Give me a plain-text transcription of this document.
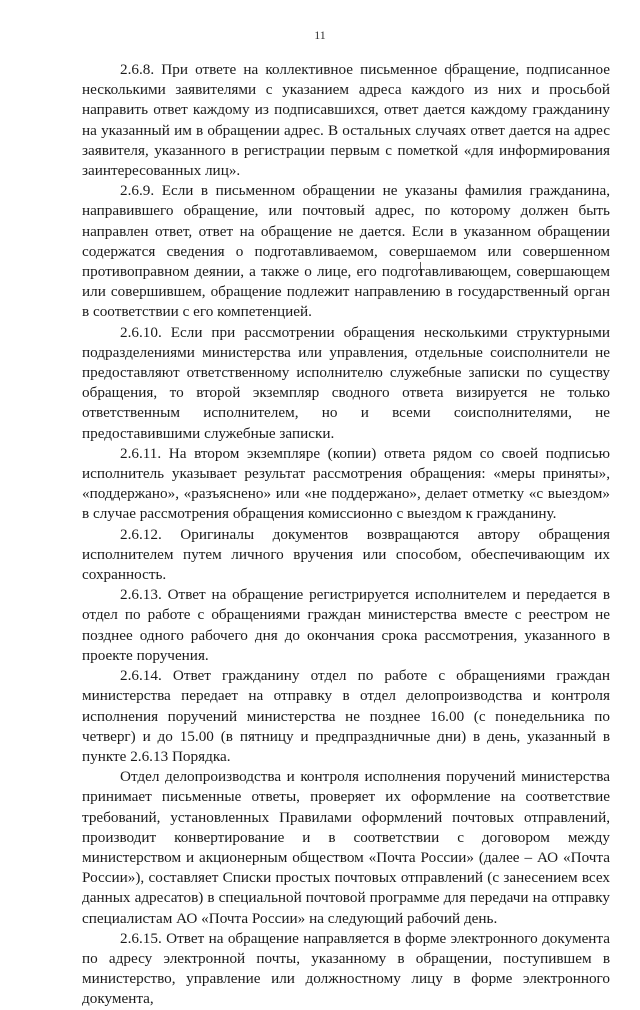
11

2.6.8. При ответе на коллективное письменное обращение, подписанное несколькими заявителями с указанием адреса каждого из них и просьбой направить ответ каждому из подписавшихся, ответ дается каждому гражданину на указанный им в обращении адрес. В остальных случаях ответ дается на адрес заявителя, указанного в регистрации первым с пометкой «для информирования заинтересованных лиц».

2.6.9. Если в письменном обращении не указаны фамилия гражданина, направившего обращение, или почтовый адрес, по которому должен быть направлен ответ, ответ на обращение не дается. Если в указанном обращении содержатся сведения о подготавливаемом, совершаемом или совершенном противоправном деянии, а также о лице, его подготавливающем, совершающем или совершившем, обращение подлежит направлению в государственный орган в соответствии с его компетенцией.

2.6.10. Если при рассмотрении обращения несколькими структурными подразделениями министерства или управления, отдельные соисполнители не предоставляют ответственному исполнителю служебные записки по существу обращения, то второй экземпляр сводного ответа визируется не только ответственным исполнителем, но и всеми соисполнителями, не предоставившими служебные записки.

2.6.11. На втором экземпляре (копии) ответа рядом со своей подписью исполнитель указывает результат рассмотрения обращения: «меры приняты», «поддержано», «разъяснено» или «не поддержано», делает отметку «с выездом» в случае рассмотрения обращения комиссионно с выездом к гражданину.

2.6.12. Оригиналы документов возвращаются автору обращения исполнителем путем личного вручения или способом, обеспечивающим их сохранность.

2.6.13. Ответ на обращение регистрируется исполнителем и передается в отдел по работе с обращениями граждан министерства вместе с реестром не позднее одного рабочего дня до окончания срока рассмотрения, указанного в проекте поручения.

2.6.14. Ответ гражданину отдел по работе с обращениями граждан министерства передает на отправку в отдел делопроизводства и контроля исполнения поручений министерства не позднее 16.00 (с понедельника по четверг) и до 15.00 (в пятницу и предпраздничные дни) в день, указанный в пункте 2.6.13 Порядка.

Отдел делопроизводства и контроля исполнения поручений министерства принимает письменные ответы, проверяет их оформление на соответствие требований, установленных Правилами оформлений почтовых отправлений, производит конвертирование и в соответствии с договором между министерством и акционерным обществом «Почта России» (далее – АО «Почта России»), составляет Списки простых почтовых отправлений (с занесением всех данных адресатов) в специальной почтовой программе для передачи на отправку специалистам АО «Почта России» на следующий рабочий день.

2.6.15. Ответ на обращение направляется в форме электронного документа по адресу электронной почты, указанному в обращении, поступившем в министерство, управление или должностному лицу в форме электронного документа,
